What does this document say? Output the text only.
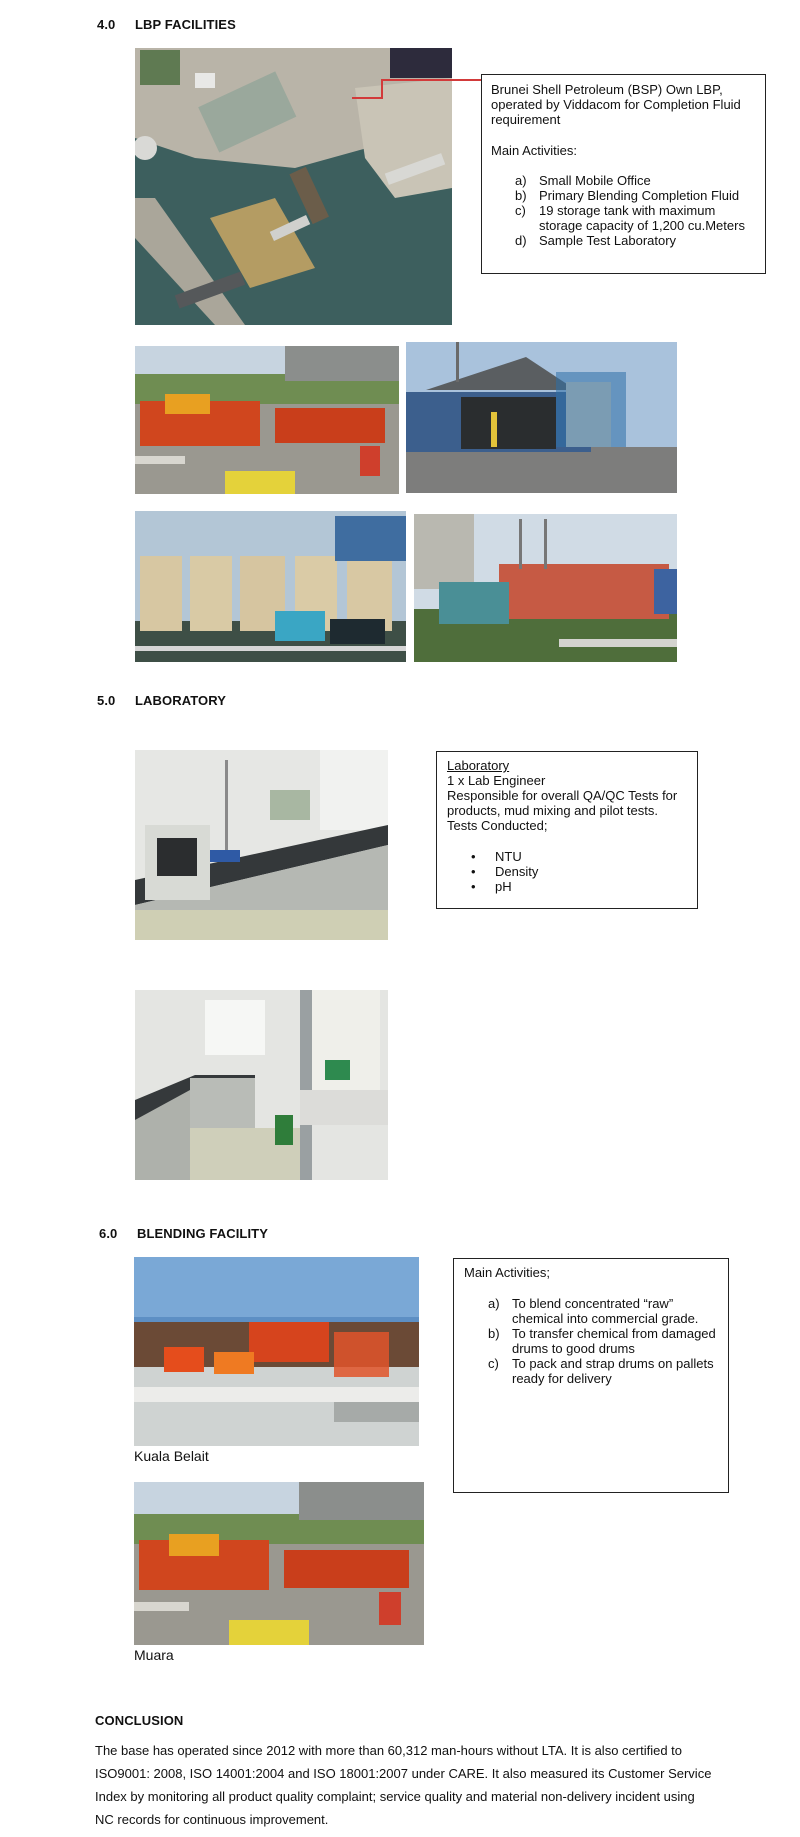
4.0 LBP FACILITIES
Brunei Shell Petroleum (BSP) Own LBP, operated by Viddacom for Completion Fluid requirement
Main Activities:
a) Small Mobile Office
b) Primary Blending Completion Fluid
c) 19 storage tank with maximum storage capacity of 1,200 cu.Meters
d) Sample Test Laboratory
5.0 LABORATORY
Laboratory
1 x Lab Engineer
Responsible for overall QA/QC Tests for products, mud mixing and pilot tests.
Tests Conducted;
• NTU
• Density
• pH
6.0 BLENDING FACILITY
Kuala Belait
Main Activities;
a) To blend concentrated “raw” chemical into commercial grade.
b) To transfer chemical from damaged drums to good drums
c) To pack and strap drums on pallets ready for delivery
Muara
CONCLUSION
The base has operated since 2012 with more than 60,312 man-hours without LTA. It is also certified to ISO9001: 2008, ISO 14001:2004 and ISO 18001:2007 under CARE. It also measured its Customer Service Index by monitoring all product quality complaint; service quality and material non-delivery incident using NC records for continuous improvement.
